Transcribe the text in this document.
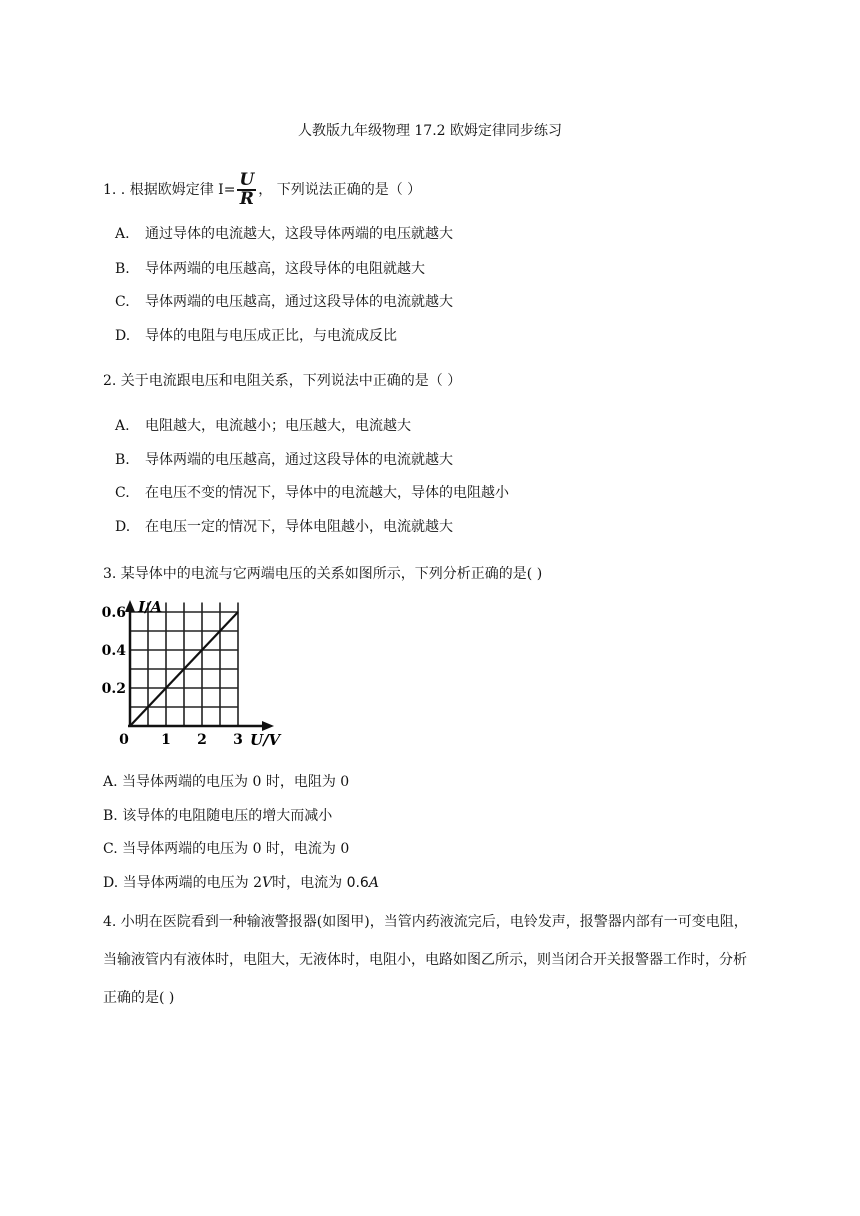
人教版九年级物理 17.2 欧姆定律同步练习
1. . 根据欧姆定律 $I= \frac{U}{R}$ ， 下列说法正确的是（ ）
A. 通过导体的电流越大，这段导体两端的电压就越大
B. 导体两端的电压越高，这段导体的电阻就越大
C. 导体两端的电压越高，通过这段导体的电流就越大
D. 导体的电阻与电压成正比，与电流成反比
2. 关于电流跟电压和电阻关系，下列说法中正确的是（ ）
A. 电阻越大，电流越小；电压越大，电流越大
B. 导体两端的电压越高，通过这段导体的电流就越大
C. 在电压不变的情况下，导体中的电流越大，导体的电阻越小
D. 在电压一定的情况下，导体电阻越小，电流就越大
3. 某导体中的电流与它两端电压的关系如图所示，下列分析正确的是( )
0.2
0.4
0.6
1 2 3
0
I/A
U/V
A. 当导体两端的电压为 0 时，电阻为 0
B. 该导体的电阻随电压的增大而减小
C. 当导体两端的电压为 0 时，电流为 0
D. 当导体两端的电压为 2V时，电流为 0.6A
4. 小明在医院看到一种输液警报器(如图甲)，当管内药液流完后，电铃发声，报警器内部有一可变电阻，当输液管内有液体时，电阻大，无液体时，电阻小，电路如图乙所示，则当闭合开关报警器工作时，分析正确的是( )
